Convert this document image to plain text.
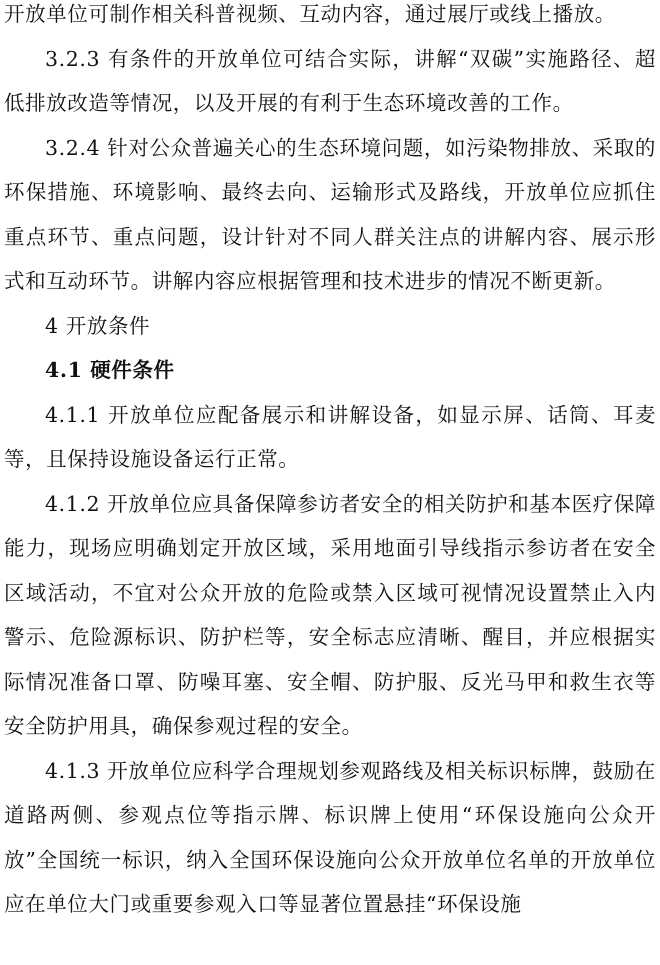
开放单位可制作相关科普视频、互动内容，通过展厅或线上播放。

3.2.3 有条件的开放单位可结合实际，讲解“双碳”实施路径、超低排放改造等情况，以及开展的有利于生态环境改善的工作。

3.2.4 针对公众普遍关心的生态环境问题，如污染物排放、采取的环保措施、环境影响、最终去向、运输形式及路线，开放单位应抓住重点环节、重点问题，设计针对不同人群关注点的讲解内容、展示形式和互动环节。讲解内容应根据管理和技术进步的情况不断更新。

4 开放条件

4.1 硬件条件

4.1.1 开放单位应配备展示和讲解设备，如显示屏、话筒、耳麦等，且保持设施设备运行正常。

4.1.2 开放单位应具备保障参访者安全的相关防护和基本医疗保障能力，现场应明确划定开放区域，采用地面引导线指示参访者在安全区域活动，不宜对公众开放的危险或禁入区域可视情况设置禁止入内警示、危险源标识、防护栏等，安全标志应清晰、醒目，并应根据实际情况准备口罩、防噪耳塞、安全帽、防护服、反光马甲和救生衣等安全防护用具，确保参观过程的安全。

4.1.3 开放单位应科学合理规划参观路线及相关标识标牌，鼓励在道路两侧、参观点位等指示牌、标识牌上使用“环保设施向公众开放”全国统一标识，纳入全国环保设施向公众开放单位名单的开放单位应在单位大门或重要参观入口等显著位置悬挂“环保设施
